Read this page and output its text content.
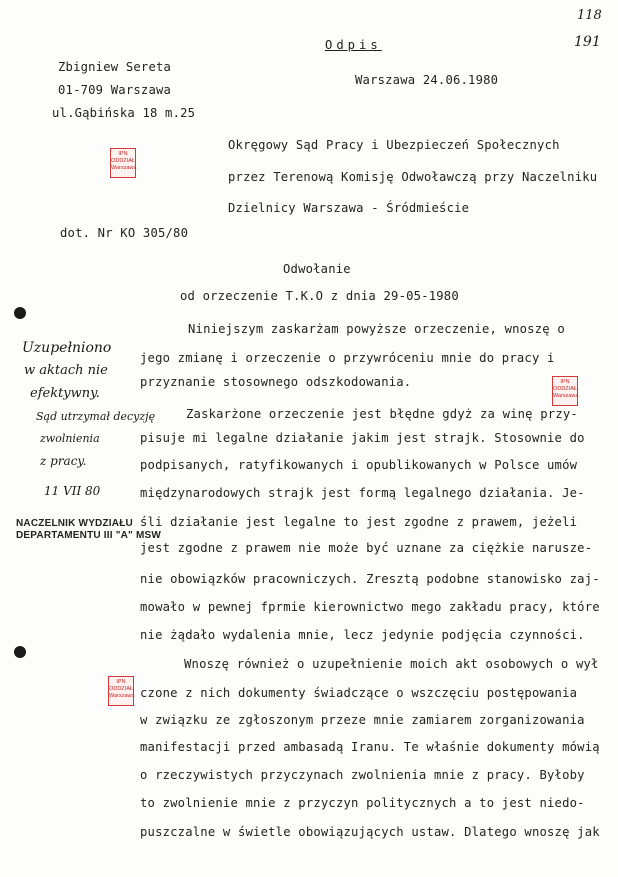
118
191
Odpis
Warszawa 24.06.1980
Zbigniew Sereta
01-709 Warszawa
ul.Gąbińska 18 m.25
Okręgowy Sąd Pracy i Ubezpieczeń Społecznych
przez Terenową Komisję Odwoławczą przy Naczelniku
Dzielnicy Warszawa - Śródmieście
dot. Nr KO 305/80
Odwołanie
od orzeczenie T.K.O z dnia 29-05-1980
IPN
ODDZIAŁ
Warszawa
IPN
ODDZIAŁ
Warszawa
IPN
ODDZIAŁ
Warszawa
Uzupełniono
w aktach nie
efektywny.
Sąd utrzymał decyzję
zwolnienia
z pracy.
11 VII 80
NACZELNIK WYDZIAŁU
DEPARTAMENTU III "A" MSW
Niniejszym zaskarżam powyższe orzeczenie, wnoszę o
jego zmianę i orzeczenie o przywróceniu mnie do pracy i
przyznanie stosownego odszkodowania.
Zaskarżone orzeczenie jest błędne gdyż za winę przy-
pisuje mi legalne działanie jakim jest strajk. Stosownie do
podpisanych, ratyfikowanych i opublikowanych w Polsce umów
międzynarodowych strajk jest formą legalnego działania. Je-
śli działanie jest legalne to jest zgodne z prawem, jeżeli
jest zgodne z prawem nie może być uznane za ciężkie narusze-
nie obowiązków pracowniczych. Zresztą podobne stanowisko zaj-
mowało w pewnej fprmie kierownictwo mego zakładu pracy, które
nie żądało wydalenia mnie, lecz jedynie podjęcia czynności.
Wnoszę również o uzupełnienie moich akt osobowych o wył
czone z nich dokumenty świadczące o wszczęciu postępowania
w związku ze zgłoszonym przeze mnie zamiarem zorganizowania
manifestacji przed ambasadą Iranu. Te właśnie dokumenty mówią
o rzeczywistych przyczynach zwolnienia mnie z pracy. Byłoby
to zwolnienie mnie z przyczyn politycznych a to jest niedo-
puszczalne w świetle obowiązujących ustaw. Dlatego wnoszę jak
